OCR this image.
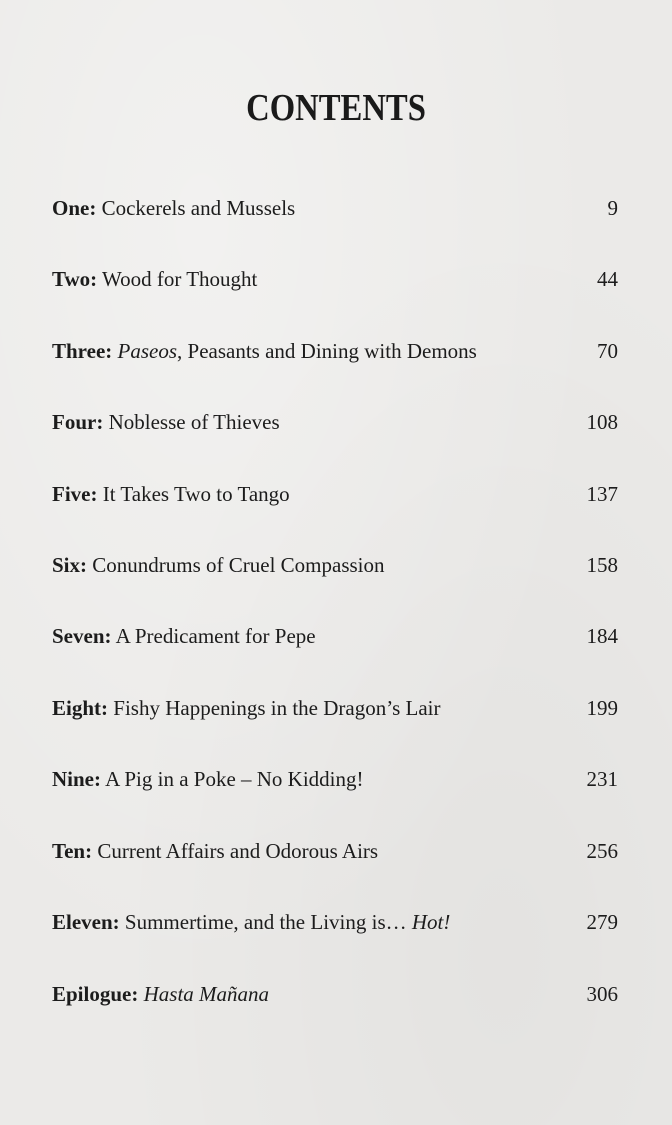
CONTENTS
One: Cockerels and Mussels	9
Two: Wood for Thought	44
Three: Paseos, Peasants and Dining with Demons	70
Four: Noblesse of Thieves	108
Five: It Takes Two to Tango	137
Six: Conundrums of Cruel Compassion	158
Seven: A Predicament for Pepe	184
Eight: Fishy Happenings in the Dragon’s Lair	199
Nine: A Pig in a Poke – No Kidding!	231
Ten: Current Affairs and Odorous Airs	256
Eleven: Summertime, and the Living is… Hot!	279
Epilogue: Hasta Mañana	306
